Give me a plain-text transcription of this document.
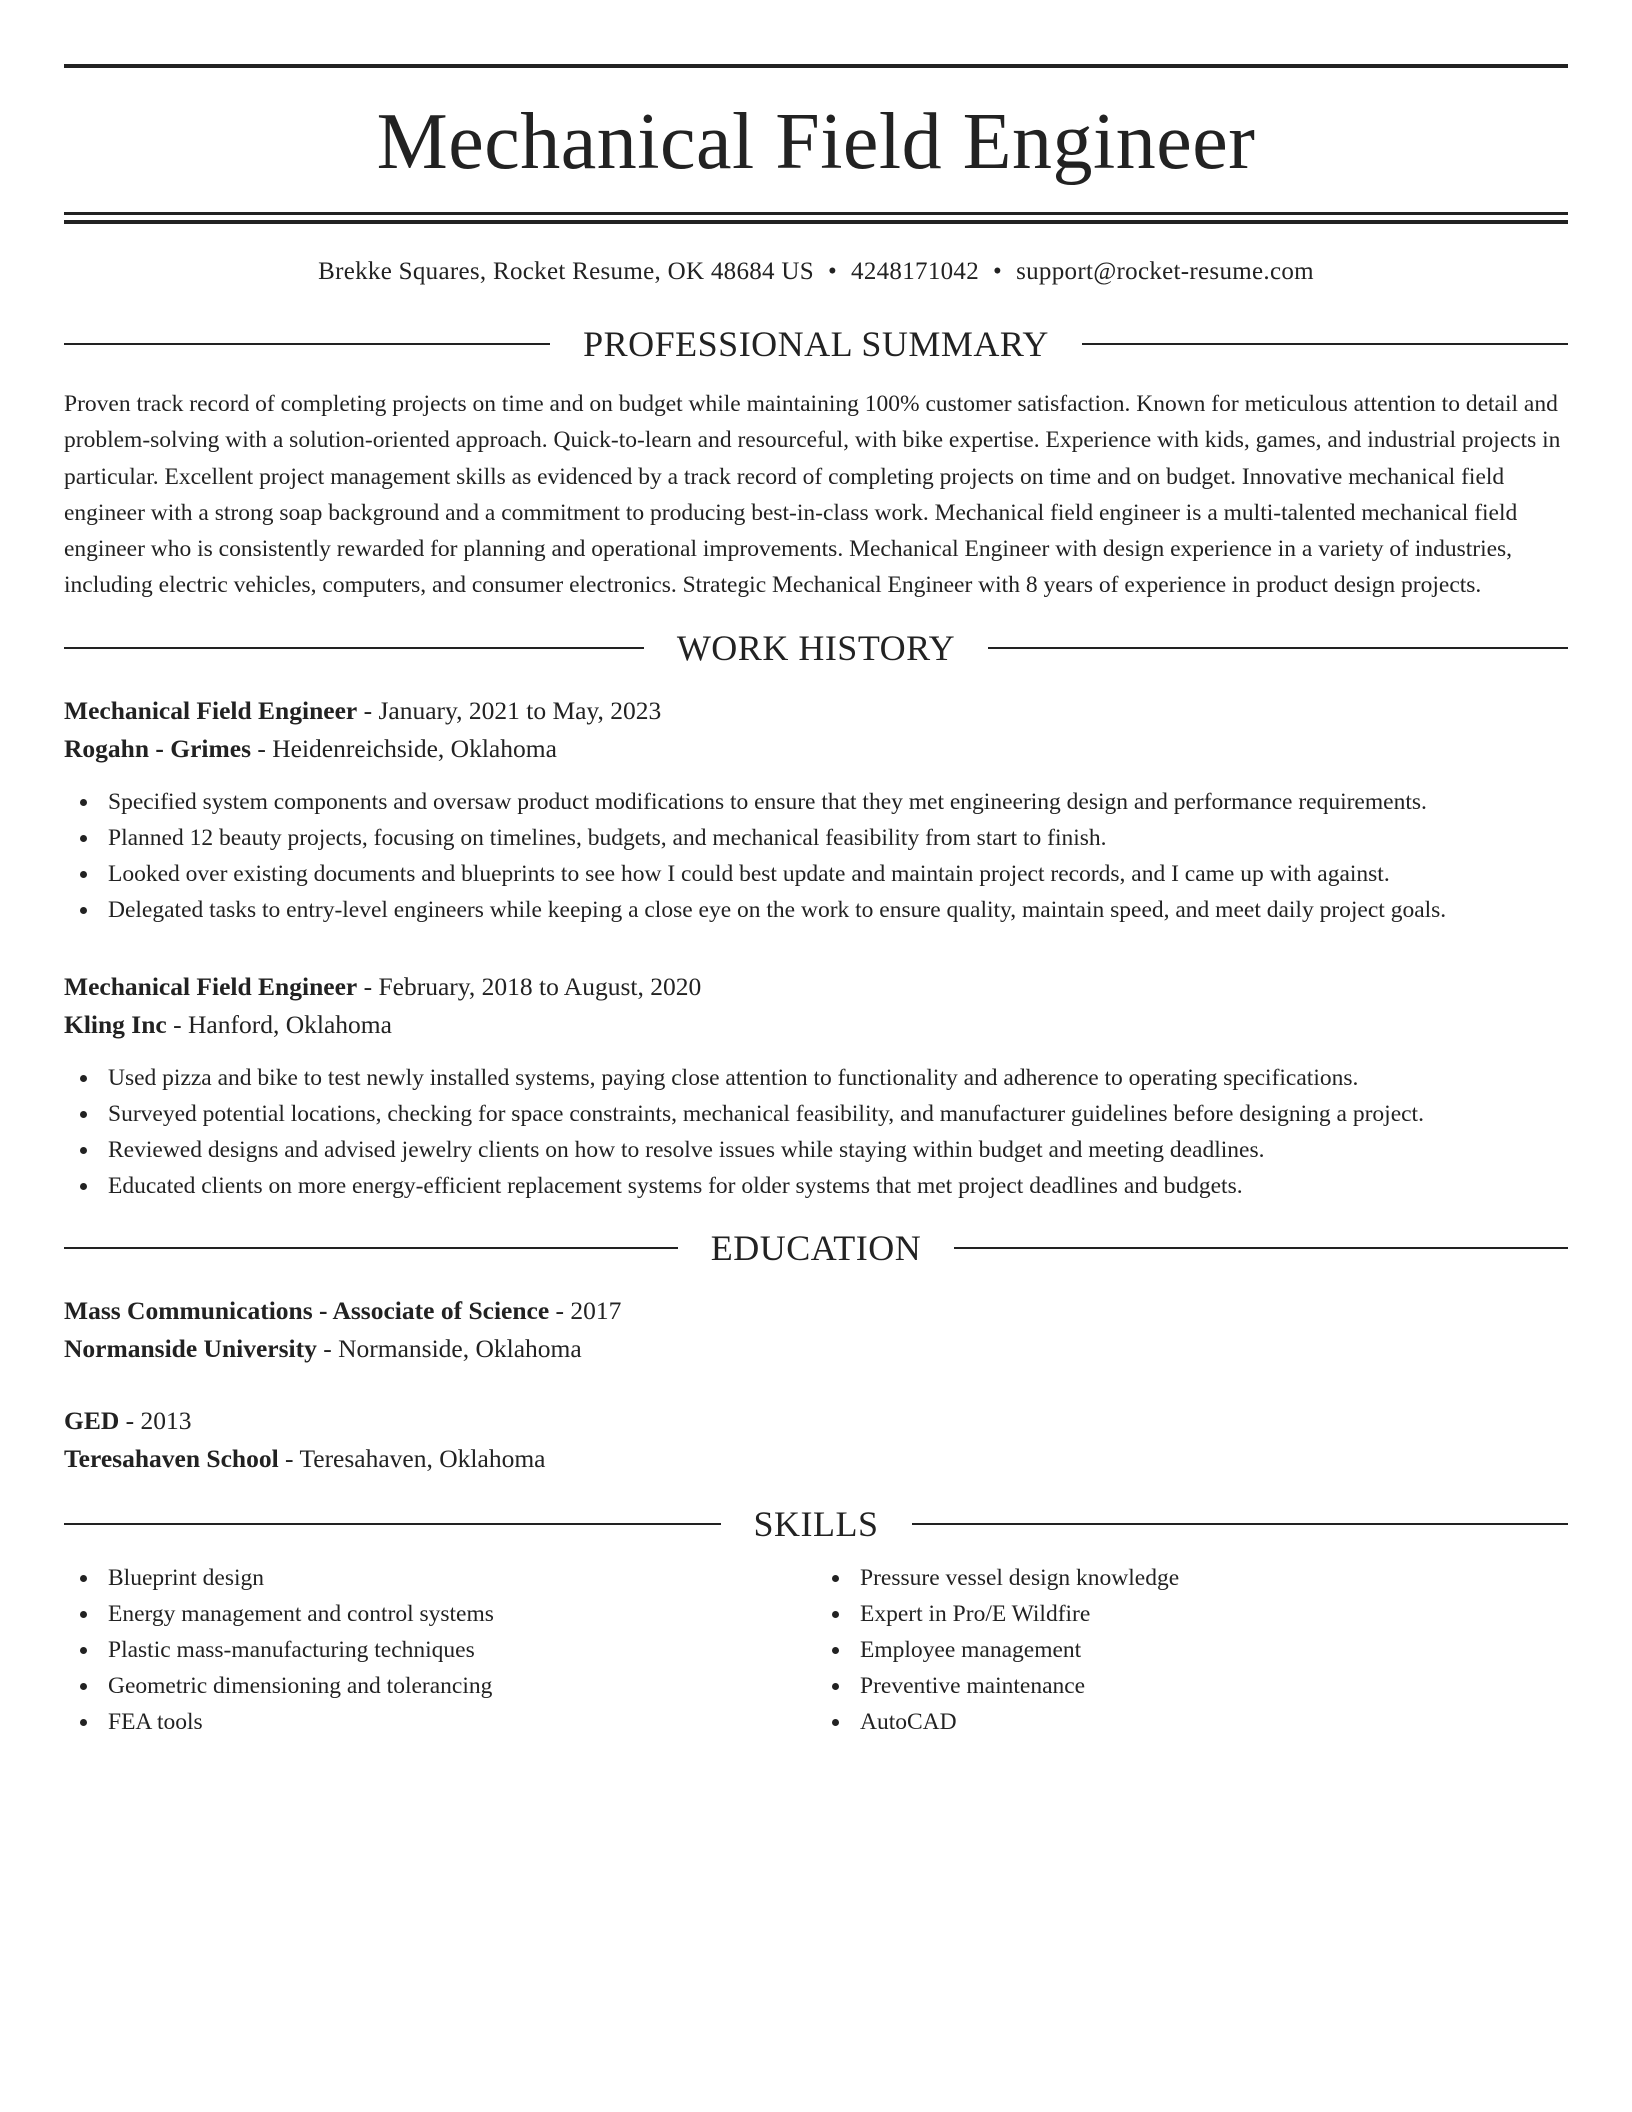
Mechanical Field Engineer
Brekke Squares, Rocket Resume, OK 48684 US • 4248171042 • support@rocket-resume.com
PROFESSIONAL SUMMARY

Proven track record of completing projects on time and on budget while maintaining 100% customer satisfaction. Known for meticulous attention to detail and problem-solving with a solution-oriented approach. Quick-to-learn and resourceful, with bike expertise. Experience with kids, games, and industrial projects in particular. Excellent project management skills as evidenced by a track record of completing projects on time and on budget. Innovative mechanical field engineer with a strong soap background and a commitment to producing best-in-class work. Mechanical field engineer is a multi-talented mechanical field engineer who is consistently rewarded for planning and operational improvements. Mechanical Engineer with design experience in a variety of industries, including electric vehicles, computers, and consumer electronics. Strategic Mechanical Engineer with 8 years of experience in product design projects.

WORK HISTORY
Mechanical Field Engineer - January, 2021 to May, 2023
Rogahn - Grimes - Heidenreichside, Oklahoma
Specified system components and oversaw product modifications to ensure that they met engineering design and performance requirements.
Planned 12 beauty projects, focusing on timelines, budgets, and mechanical feasibility from start to finish.
Looked over existing documents and blueprints to see how I could best update and maintain project records, and I came up with against.
Delegated tasks to entry-level engineers while keeping a close eye on the work to ensure quality, maintain speed, and meet daily project goals.
Mechanical Field Engineer - February, 2018 to August, 2020
Kling Inc - Hanford, Oklahoma
Used pizza and bike to test newly installed systems, paying close attention to functionality and adherence to operating specifications.
Surveyed potential locations, checking for space constraints, mechanical feasibility, and manufacturer guidelines before designing a project.
Reviewed designs and advised jewelry clients on how to resolve issues while staying within budget and meeting deadlines.
Educated clients on more energy-efficient replacement systems for older systems that met project deadlines and budgets.
EDUCATION
Mass Communications - Associate of Science - 2017
Normanside University - Normanside, Oklahoma
GED - 2013
Teresahaven School - Teresahaven, Oklahoma
SKILLS
Blueprint design
Energy management and control systems
Plastic mass-manufacturing techniques
Geometric dimensioning and tolerancing
FEA tools
Pressure vessel design knowledge
Expert in Pro/E Wildfire
Employee management
Preventive maintenance
AutoCAD
